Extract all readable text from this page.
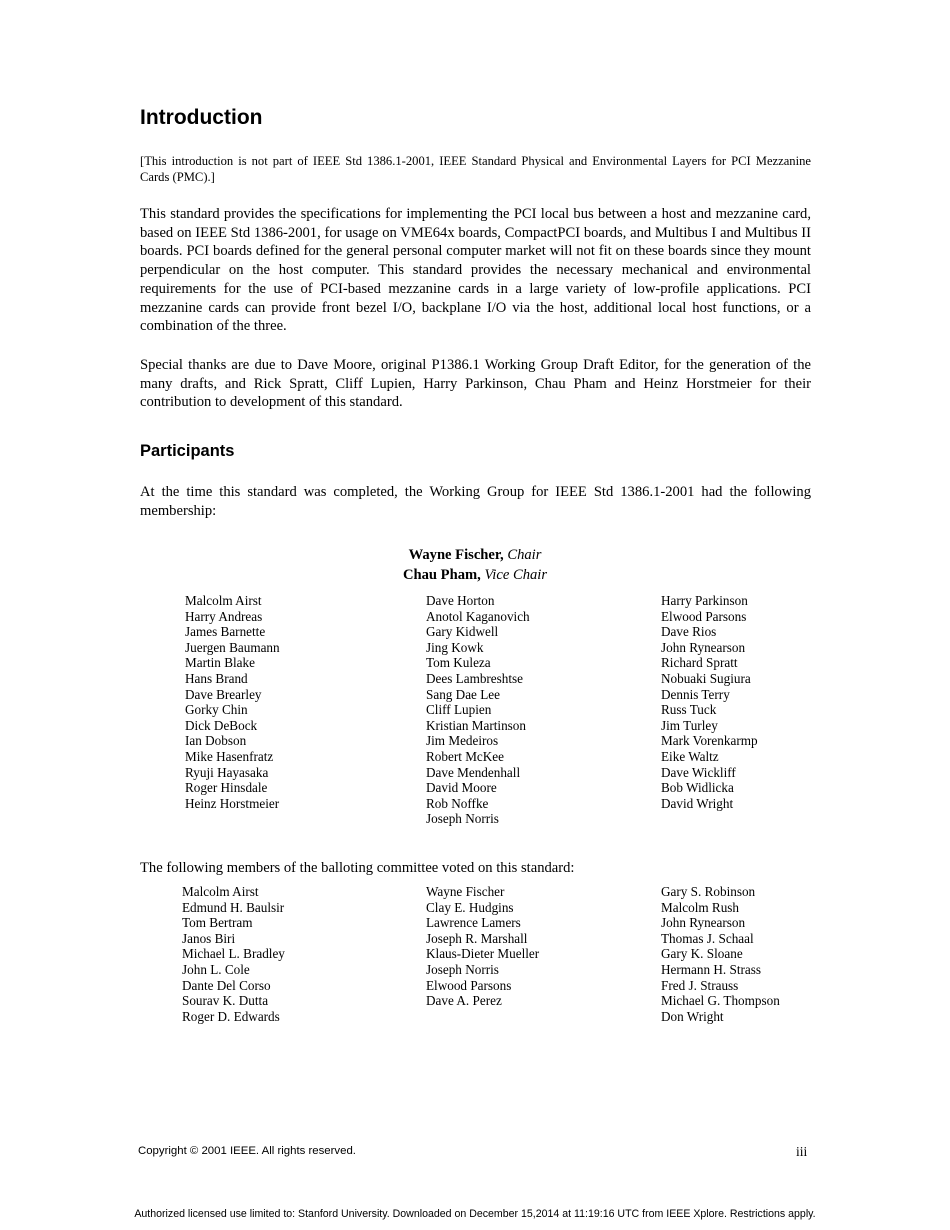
Introduction

[This introduction is not part of IEEE Std 1386.1-2001, IEEE Standard Physical and Environmental Layers for PCI Mezzanine Cards (PMC).]

This standard provides the specifications for implementing the PCI local bus between a host and mezzanine card, based on IEEE Std 1386-2001, for usage on VME64x boards, CompactPCI boards, and Multibus I and Multibus II boards. PCI boards defined for the general personal computer market will not fit on these boards since they mount perpendicular on the host computer. This standard provides the necessary mechanical and environmental requirements for the use of PCI-based mezzanine cards in a large variety of low-profile applications. PCI mezzanine cards can provide front bezel I/O, backplane I/O via the host, additional local host functions, or a combination of the three.

Special thanks are due to Dave Moore, original P1386.1 Working Group Draft Editor, for the generation of the many drafts, and Rick Spratt, Cliff Lupien, Harry Parkinson, Chau Pham and Heinz Horstmeier for their contribution to development of this standard.

Participants

At the time this standard was completed, the Working Group for IEEE Std 1386.1-2001 had the following membership:

Wayne Fischer, Chair
Chau Pham, Vice Chair
Malcolm Airst
Harry Andreas
James Barnette
Juergen Baumann
Martin Blake
Hans Brand
Dave Brearley
Gorky Chin
Dick DeBock
Ian Dobson
Mike Hasenfratz
Ryuji Hayasaka
Roger Hinsdale
Heinz Horstmeier
Dave Horton
Anotol Kaganovich
Gary Kidwell
Jing Kowk
Tom Kuleza
Dees Lambreshtse
Sang Dae Lee
Cliff Lupien
Kristian Martinson
Jim Medeiros
Robert McKee
Dave Mendenhall
David Moore
Rob Noffke
Joseph Norris
Harry Parkinson
Elwood Parsons
Dave Rios
John Rynearson
Richard Spratt
Nobuaki Sugiura
Dennis Terry
Russ Tuck
Jim Turley
Mark Vorenkarmp
Eike Waltz
Dave Wickliff
Bob Widlicka
David Wright

The following members of the balloting committee voted on this standard:

Malcolm Airst
Edmund H. Baulsir
Tom Bertram
Janos Biri
Michael L. Bradley
John L. Cole
Dante Del Corso
Sourav K. Dutta
Roger D. Edwards
Wayne Fischer
Clay E. Hudgins
Lawrence Lamers
Joseph R. Marshall
Klaus-Dieter Mueller
Joseph Norris
Elwood Parsons
Dave A. Perez
Gary S. Robinson
Malcolm Rush
John Rynearson
Thomas J. Schaal
Gary K. Sloane
Hermann H. Strass
Fred J. Strauss
Michael G. Thompson
Don Wright
Copyright © 2001 IEEE. All rights reserved.	iii
Authorized licensed use limited to: Stanford University. Downloaded on December 15,2014 at 11:19:16 UTC from IEEE Xplore. Restrictions apply.
